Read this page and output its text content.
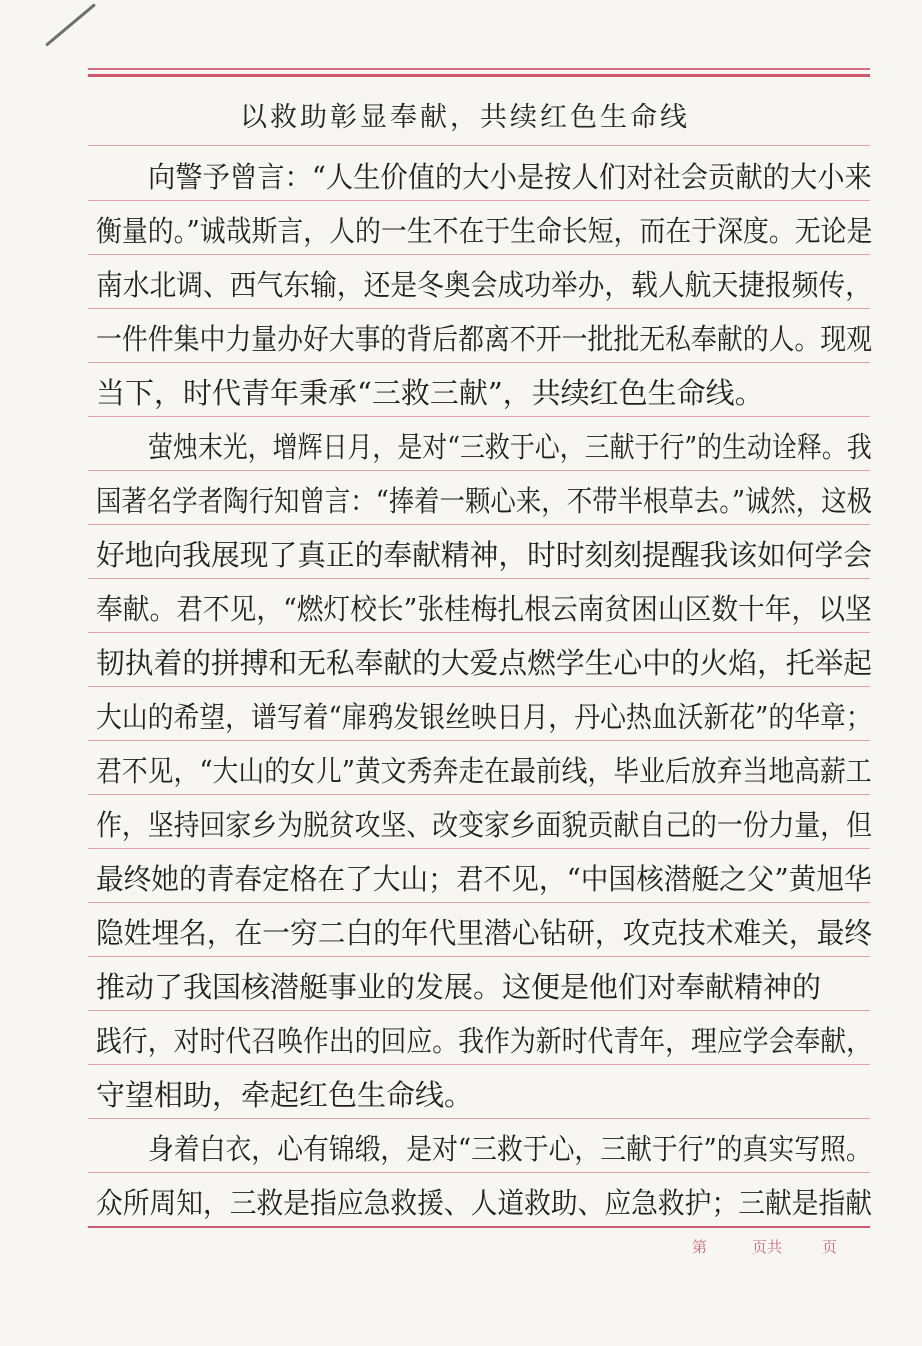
以救助彰显奉献，共续红色生命线
向警予曾言：“人生价值的大小是按人们对社会贡献的大小来
衡量的。”诚哉斯言，人的一生不在于生命长短，而在于深度。无论是
南水北调、西气东输，还是冬奥会成功举办，载人航天捷报频传，
一件件集中力量办好大事的背后都离不开一批批无私奉献的人。现观
当下，时代青年秉承“三救三献”，共续红色生命线。
萤烛末光，增辉日月，是对“三救于心，三献于行”的生动诠释。我
国著名学者陶行知曾言：“捧着一颗心来，不带半根草去。”诚然，这极
好地向我展现了真正的奉献精神，时时刻刻提醒我该如何学会
奉献。君不见，“燃灯校长”张桂梅扎根云南贫困山区数十年，以坚
韧执着的拼搏和无私奉献的大爱点燃学生心中的火焰，托举起
大山的希望，谱写着“扉鸦发银丝映日月，丹心热血沃新花”的华章；
君不见，“大山的女儿”黄文秀奔走在最前线，毕业后放弃当地高薪工
作，坚持回家乡为脱贫攻坚、改变家乡面貌贡献自己的一份力量，但
最终她的青春定格在了大山；君不见，“中国核潜艇之父”黄旭华
隐姓埋名，在一穷二白的年代里潜心钻研，攻克技术难关，最终
推动了我国核潜艇事业的发展。这便是他们对奉献精神的
践行，对时代召唤作出的回应。我作为新时代青年，理应学会奉献，
守望相助，牵起红色生命线。
身着白衣，心有锦缎，是对“三救于心，三献于行”的真实写照。
众所周知，三救是指应急救援、人道救助、应急救护；三献是指献
第	页共	页
